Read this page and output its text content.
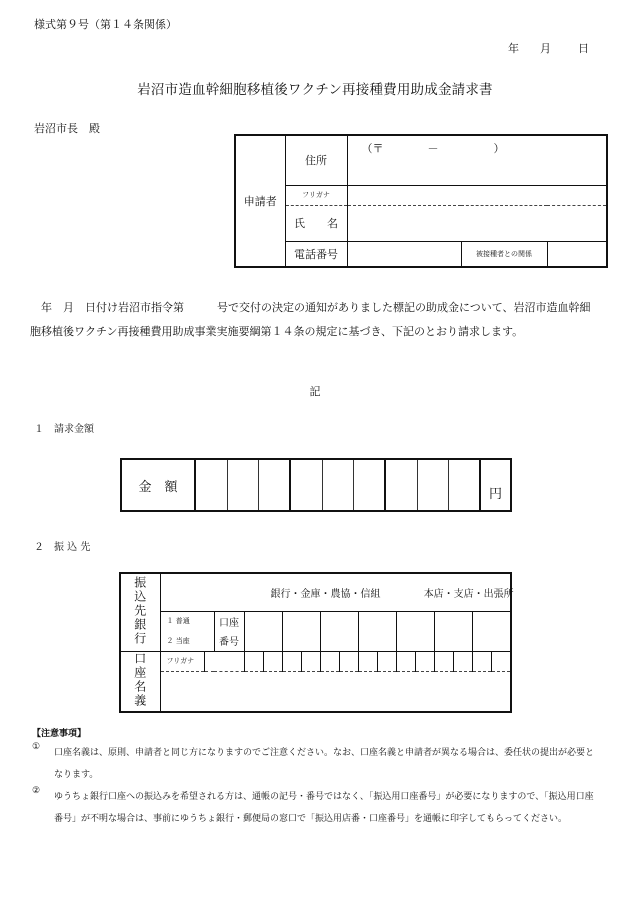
様式第９号（第１４条関係）
年 月 日
岩沼市造血幹細胞移植後ワクチン再接種費用助成金請求書
岩沼市長　殿
申請者	住所	（〒　　　　－　　　　　）		
	フリガナ			
	氏　　名			
	電話番号		被接種者との関係	
　年　月　日付け岩沼市指令第　　　号で交付の決定の通知がありました標記の助成金について、岩沼市造血幹細胞移植後ワクチン再接種費用助成事業実施要綱第１４条の規定に基づき、下記のとおり請求します。
記
１　請求金額
金　額										円
２　振 込 先
振込先銀行	銀行・金庫・農協・信組 本店・支店・出張所																
	１ 普通		口座														
	２ 当座		番号														
口座名義	フリガナ																

【注意事項】
①
口座名義は、原則、申請者と同じ方になりますのでご注意ください。なお、口座名義と申請者が異なる場合は、委任状の提出が必要となります。
②
ゆうちょ銀行口座への振込みを希望される方は、通帳の記号・番号ではなく、「振込用口座番号」が必要になりますので、「振込用口座番号」が不明な場合は、事前にゆうちょ銀行・郵便局の窓口で「振込用店番・口座番号」を通帳に印字してもらってください。
